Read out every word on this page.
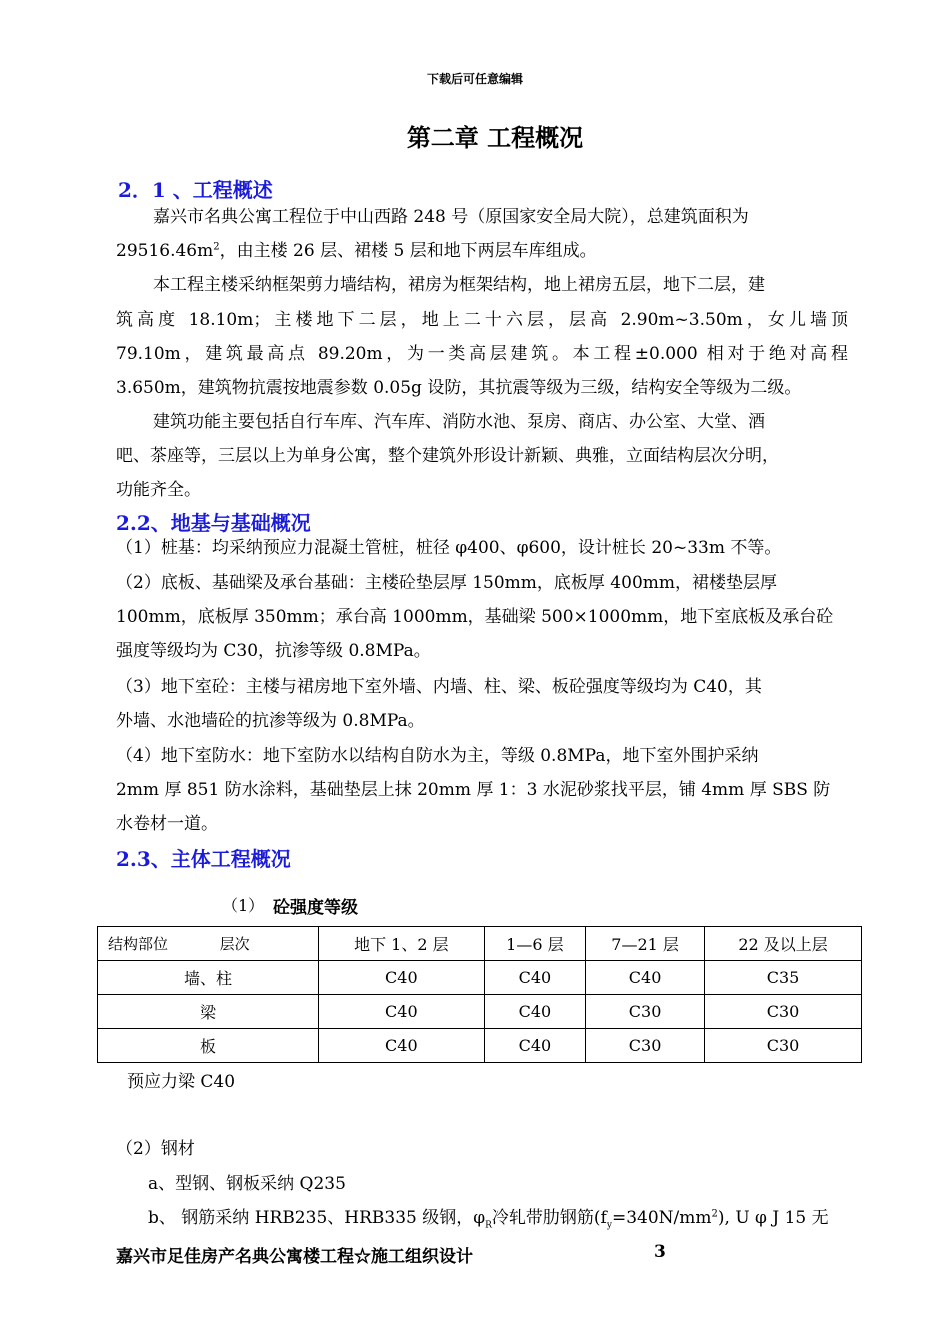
下载后可任意编辑
第二章 工程概况
2．1 、工程概述
嘉兴市名典公寓工程位于中山西路 248 号（原国家安全局大院），总建筑面积为
$29516.46m^2$，由主楼 26 层、裙楼 5 层和地下两层车库组成。
本工程主楼采纳框架剪力墙结构，裙房为框架结构，地上裙房五层，地下二层，建
筑高度 18.10m；主楼地下二层，地上二十六层，层高 2.90m~3.50m，女儿墙顶
79.10m，建筑最高点 89.20m，为一类高层建筑。本工程±0.000 相对于绝对高程
3.650m，建筑物抗震按地震参数 0.05g 设防，其抗震等级为三级，结构安全等级为二级。
建筑功能主要包括自行车库、汽车库、消防水池、泵房、商店、办公室、大堂、酒
吧、茶座等，三层以上为单身公寓，整个建筑外形设计新颖、典雅，立面结构层次分明，
功能齐全。
2.2、地基与基础概况
（1）桩基：均采纳预应力混凝土管桩，桩径 φ400、φ600，设计桩长 20~33m 不等。
（2）底板、基础梁及承台基础：主楼砼垫层厚 150mm，底板厚 400mm，裙楼垫层厚
100mm，底板厚 350mm；承台高 1000mm，基础梁 500×1000mm，地下室底板及承台砼
强度等级均为 C30，抗渗等级 0.8MPa。
（3）地下室砼：主楼与裙房地下室外墙、内墙、柱、梁、板砼强度等级均为 C40，其
外墙、水池墙砼的抗渗等级为 0.8MPa。
（4）地下室防水：地下室防水以结构自防水为主，等级 0.8MPa，地下室外围护采纳
2mm 厚 851 防水涂料，基础垫层上抹 20mm 厚 1：3 水泥砂浆找平层，铺 4mm 厚 SBS 防
水卷材一道。
2.3、主体工程概况
（1） 砼强度等级
结构部位 层次	地下 1、2 层	1—6 层	7—21 层	22 及以上层
墙、柱	C40	C40	C40	C35
梁	C40	C40	C30	C30
板	C40	C40	C30	C30
预应力梁 C40
（2）钢材
a、型钢、钢板采纳 Q235
b、 钢筋采纳 HRB235、HRB335 级钢，$\varphi_R$冷轧带肋钢筋$(f_y=340N/mm^2)$, U φ J 15 无
嘉兴市足佳房产名典公寓楼工程☆施工组织设计	3
